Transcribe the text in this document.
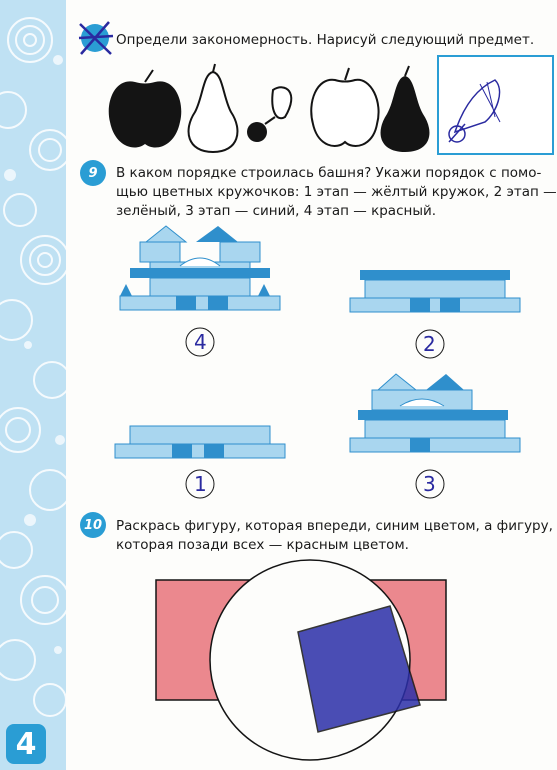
4
Определи закономерность. Нарисуй следующий предмет.
9	В каком порядке строилась башня? Укажи порядок с помо-
щью цветных кружочков: 1 этап — жёлтый кружок, 2 этап —
зелёный, 3 этап — синий, 4 этап — красный.
4	2
1	3
10 Раскрась фигуру, которая впереди, синим цветом, а фигуру,
которая позади всех — красным цветом.
